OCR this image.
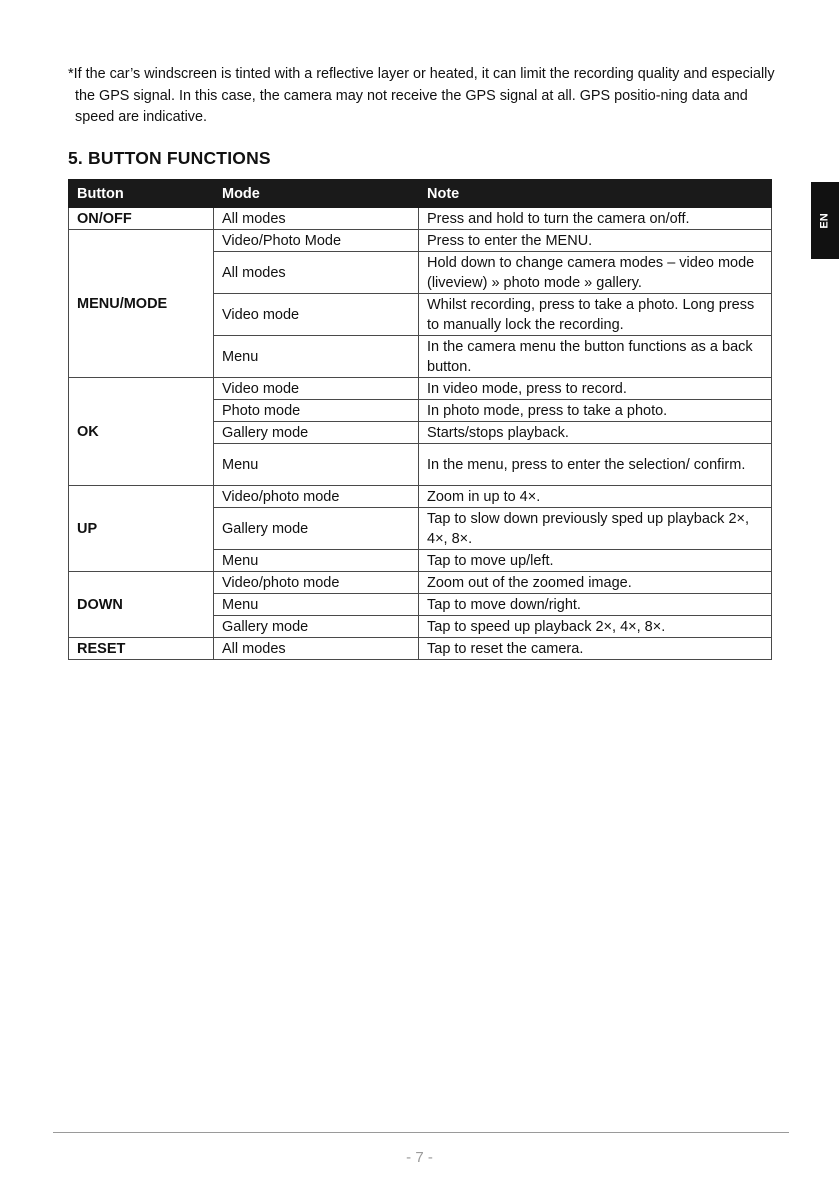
*If the car’s windscreen is tinted with a reflective layer or heated, it can limit the recording quality and especially the GPS signal. In this case, the camera may not receive the GPS signal at all. GPS positio-ning data and speed are indicative.

5. BUTTON FUNCTIONS
EN
Button	Mode	Note
ON/OFF	All modes	Press and hold to turn the camera on/off.
MENU/MODE	Video/Photo Mode	Press to enter the MENU.
	All modes	Hold down to change camera modes – video mode (liveview) » photo mode » gallery.
	Video mode	Whilst recording, press to take a photo. Long press to manually lock the recording.
	Menu	In the camera menu the button functions as a back button.
OK	Video mode	In video mode, press to record.
	Photo mode	In photo mode, press to take a photo.
	Gallery mode	Starts/stops playback.
	Menu	In the menu, press to enter the selection/ confirm.
UP	Video/photo mode	Zoom in up to 4×.
	Gallery mode	Tap to slow down previously sped up playback 2×, 4×, 8×.
	Menu	Tap to move up/left.
DOWN	Video/photo mode	Zoom out of the zoomed image.
	Menu	Tap to move down/right.
	Gallery mode	Tap to speed up playback 2×, 4×, 8×.
RESET	All modes	Tap to reset the camera.
- 7 -
